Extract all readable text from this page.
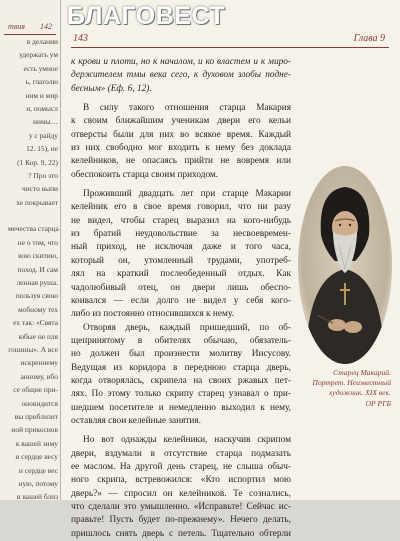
твия 142
в делании
удержать ум
есть умное
ь, глаголю
ним и мир
и, помысл
нимы…
у с райду
12. 15), не
(1 Кор. 9, 22)
? Про это
чисто выпи
хе покрывает
мечества старца
не о том, что
вою скитию,
поход. И сам
ленная руша.
пользуя свою
мобному тех
ех так: «Свята
юбые не пля
гошины». А все
искреннему
анному, ибо
се общие при-
оновидится
вы приблизит
ной прикоснов
к вашей зиму
и сердце весу
и сердце вес
ную, потому
и вашей близ
БЛАГОВЕСТ
143	Глава 9
к крови и плоти, но к началом, и ко властем и к миро-
держителем тмы века сего, к духовом злобы подне-
бесным» (Еф. 6, 12).
В силу такого отношения старца Макария
к своим ближайшим ученикам двери его кельи
отверсты были для них во всякое время. Каждый
из них свободно мог входить к нему без доклада
келейников, не опасаясь прийти не вовремя или
обеспокоить старца своим приходом.
Проживший двадцать лет при старце Макарии
келейник его в свое время говорил, что ни разу
не видел, чтобы старец выразил на кого-нибудь
из братий неудовольствие за несвоевремен-
ный приход, не исключая даже и того часа,
который он, утомленный трудами, употреб-
лял на краткий послеобеденный отдых. Как
чадолюбивый отец, он двери лишь обеспо-
коивался — если долго не видел у себя кого-
либо из постоянно относившихся к нему.
Отворяя дверь, каждый пришедший, по об-
щепринятому в обителях обычаю, обязатель-
но должен был произнести молитву Иисусову.
Ведущая из коридора в переднюю старца дверь,
когда отворялась, скрипела на своих ржавых пет-
лях. По этому только скрипу старец узнавал о при-
шедшем посетителе и немедленно выходил к нему,
оставляя свои келейные занятия.
Но вот однажды келейники, наскучив скрипом
двери, вздумали в отсутствие старца подмазать
ее маслом. На другой день старец, не слыша обыч-
ного скрипа, встревожился: «Кто испортил мою
дверь?» — спросил он келейников. Те сознались,
что сделали это умышленно. «Исправьте! Сейчас ис-
правьте! Пусть будет по-прежнему». Нечего делать,
пришлось снять дверь с петель. Тщательно обтерли
Старец Макарий.
Портрет. Неизвестный
художник. XIX век.
ОР РГБ
